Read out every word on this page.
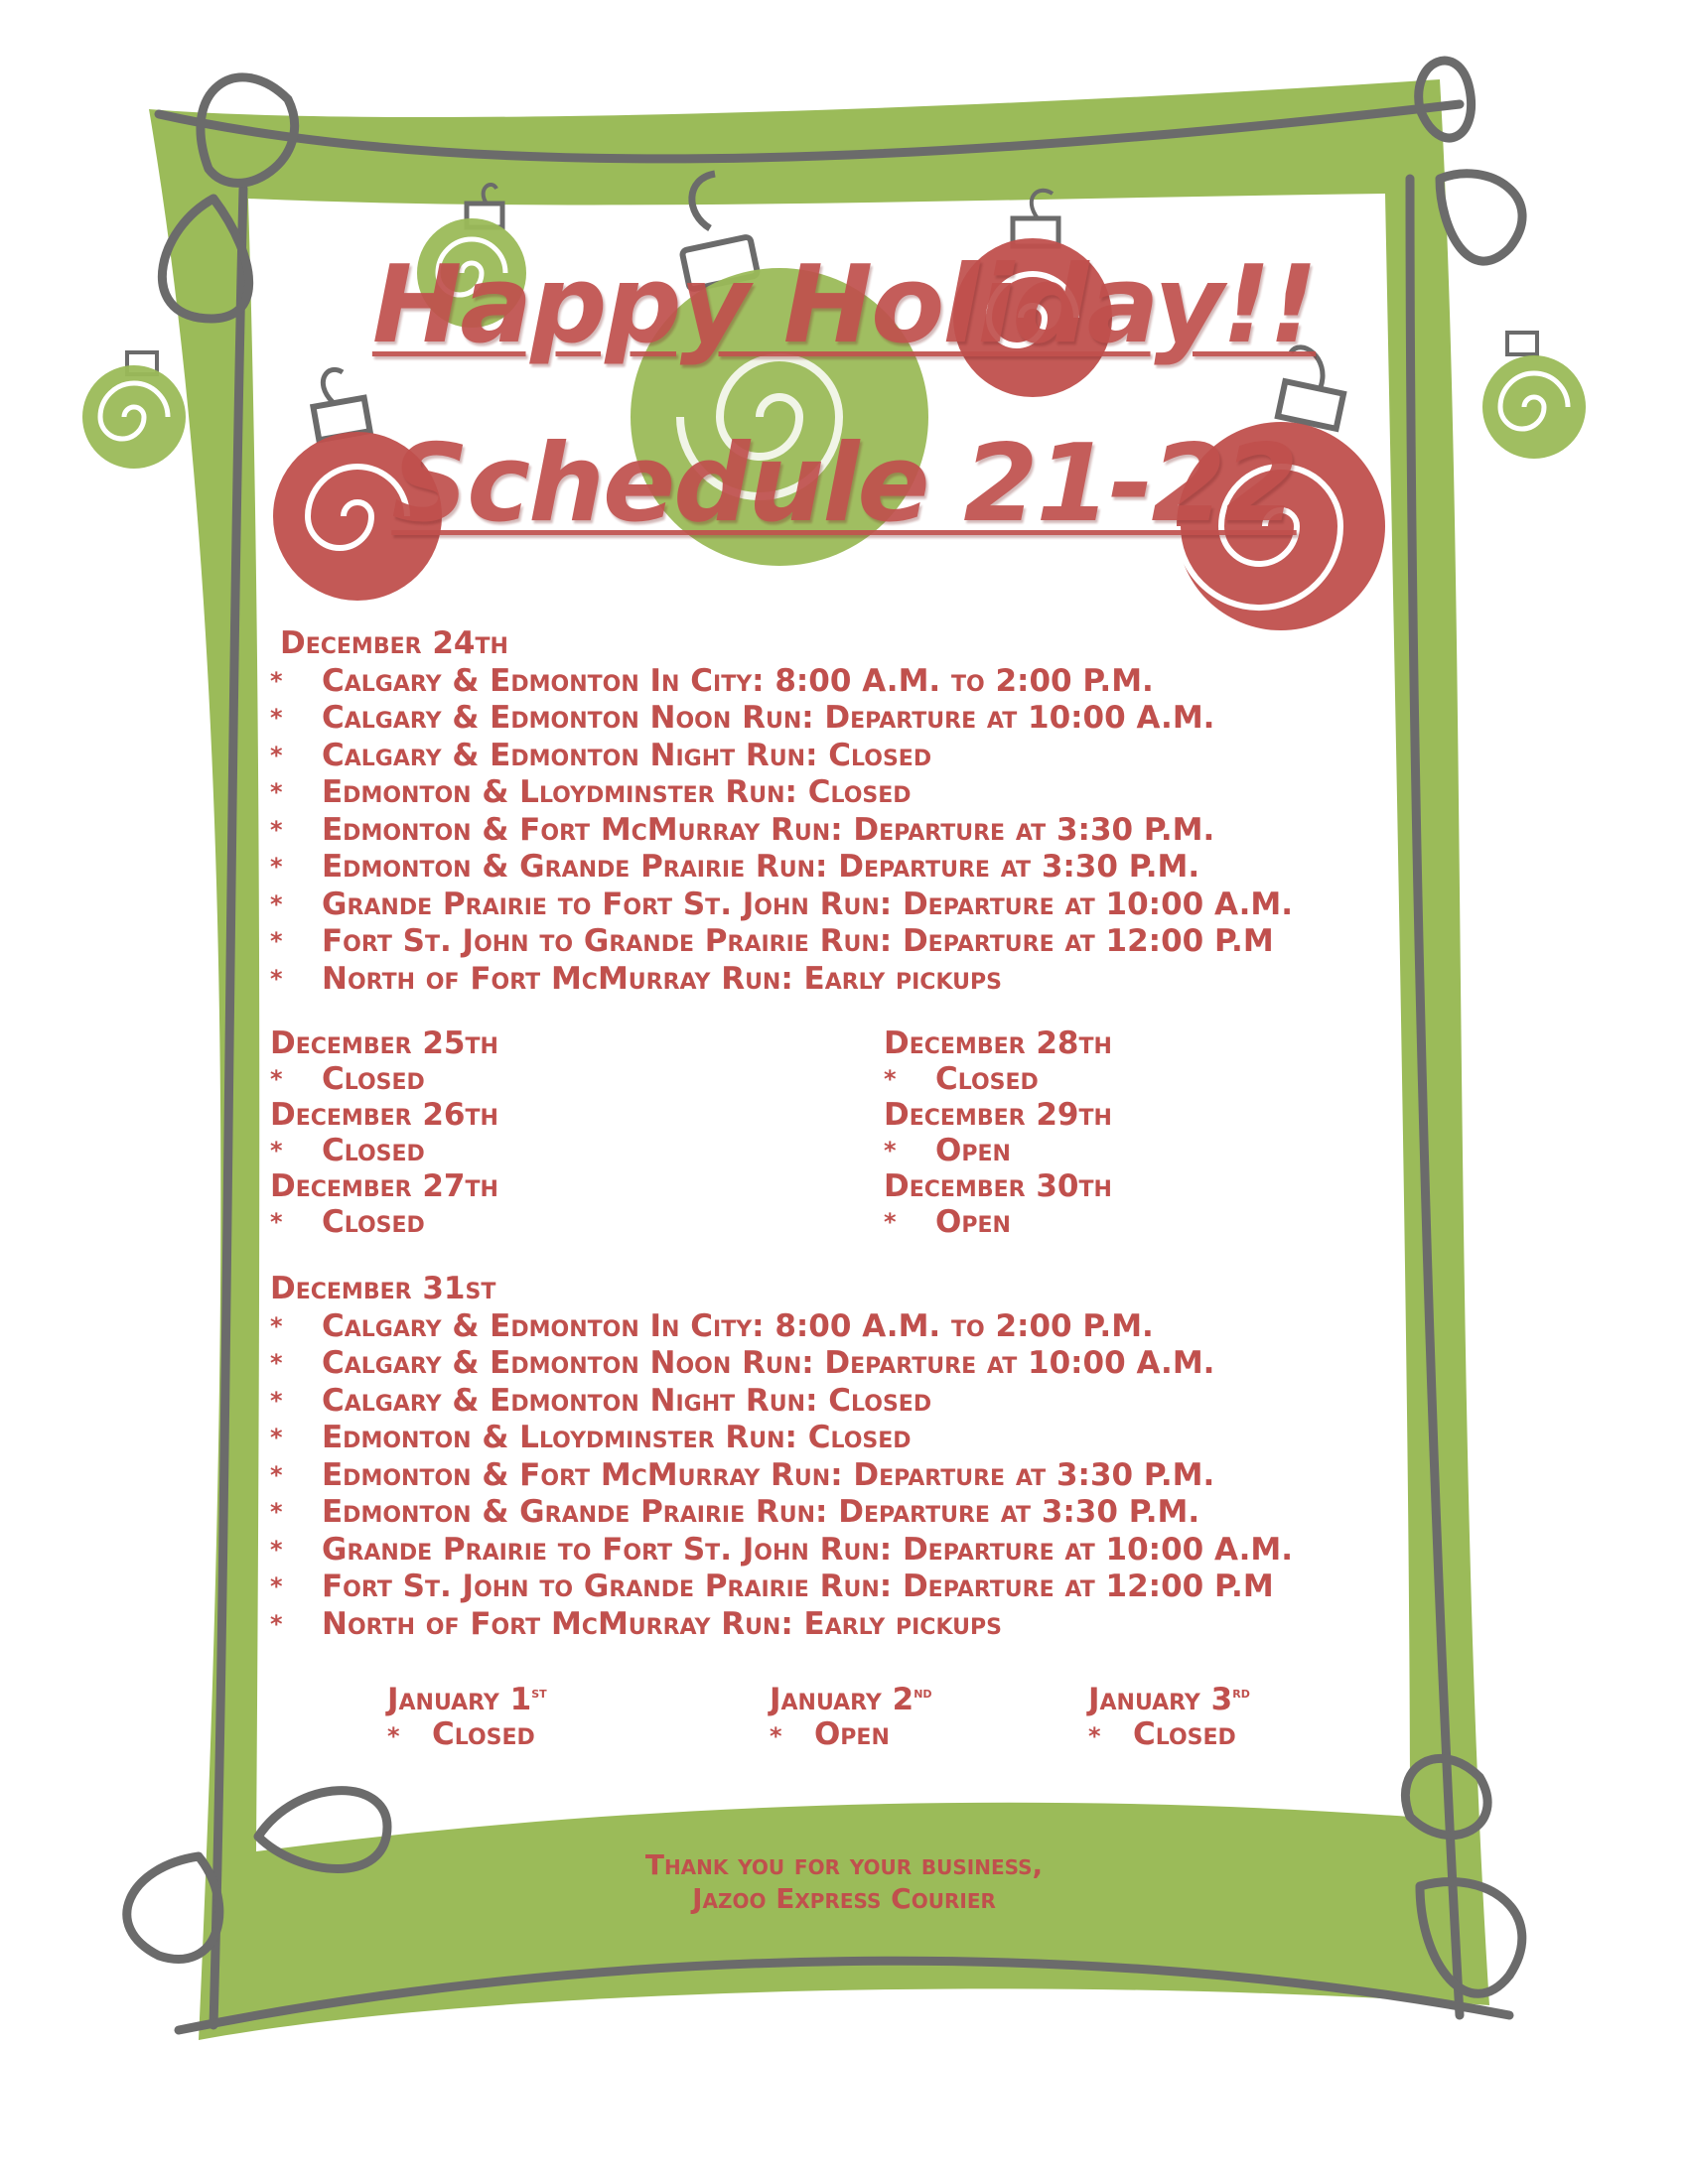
Happy Holiday!!
Schedule 21-22
December 24th
* Calgary & Edmonton In City: 8:00 A.M. to 2:00 P.M.
* Calgary & Edmonton Noon Run: Departure at 10:00 A.M.
* Calgary & Edmonton Night Run: Closed
* Edmonton & Lloydminster Run: Closed
* Edmonton & Fort McMurray Run: Departure at 3:30 P.M.
* Edmonton & Grande Prairie Run: Departure at 3:30 P.M.
* Grande Prairie to Fort St. John Run: Departure at 10:00 A.M.
* Fort St. John to Grande Prairie Run: Departure at 12:00 P.M
* North of Fort McMurray Run: Early pickups
December 25th
* Closed
December 26th
* Closed
December 27th
* Closed
December 28th
* Closed
December 29th
* Open
December 30th
* Open
December 31st
* Calgary & Edmonton In City: 8:00 A.M. to 2:00 P.M.
* Calgary & Edmonton Noon Run: Departure at 10:00 A.M.
* Calgary & Edmonton Night Run: Closed
* Edmonton & Lloydminster Run: Closed
* Edmonton & Fort McMurray Run: Departure at 3:30 P.M.
* Edmonton & Grande Prairie Run: Departure at 3:30 P.M.
* Grande Prairie to Fort St. John Run: Departure at 10:00 A.M.
* Fort St. John to Grande Prairie Run: Departure at 12:00 P.M
* North of Fort McMurray Run: Early pickups
January 1st
* Closed
January 2nd
* Open
January 3rd
* Closed
Thank you for your business,
Jazoo Express Courier
